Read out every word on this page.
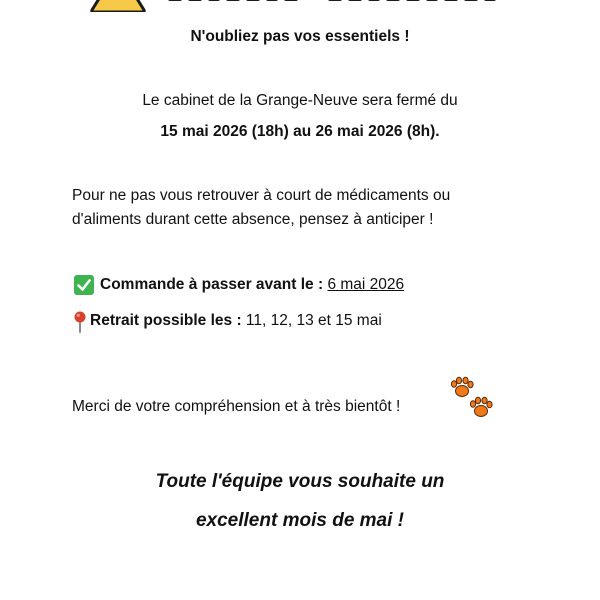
N'oubliez pas vos essentiels !
Le cabinet de la Grange-Neuve sera fermé du
15 mai 2026 (18h) au 26 mai 2026 (8h).
Pour ne pas vous retrouver à court de médicaments ou
d'aliments durant cette absence, pensez à anticiper !
Commande à passer avant le : 6 mai 2026
Retrait possible les : 11, 12, 13 et 15 mai
Merci de votre compréhension et à très bientôt !
Toute l'équipe vous souhaite un
excellent mois de mai !
